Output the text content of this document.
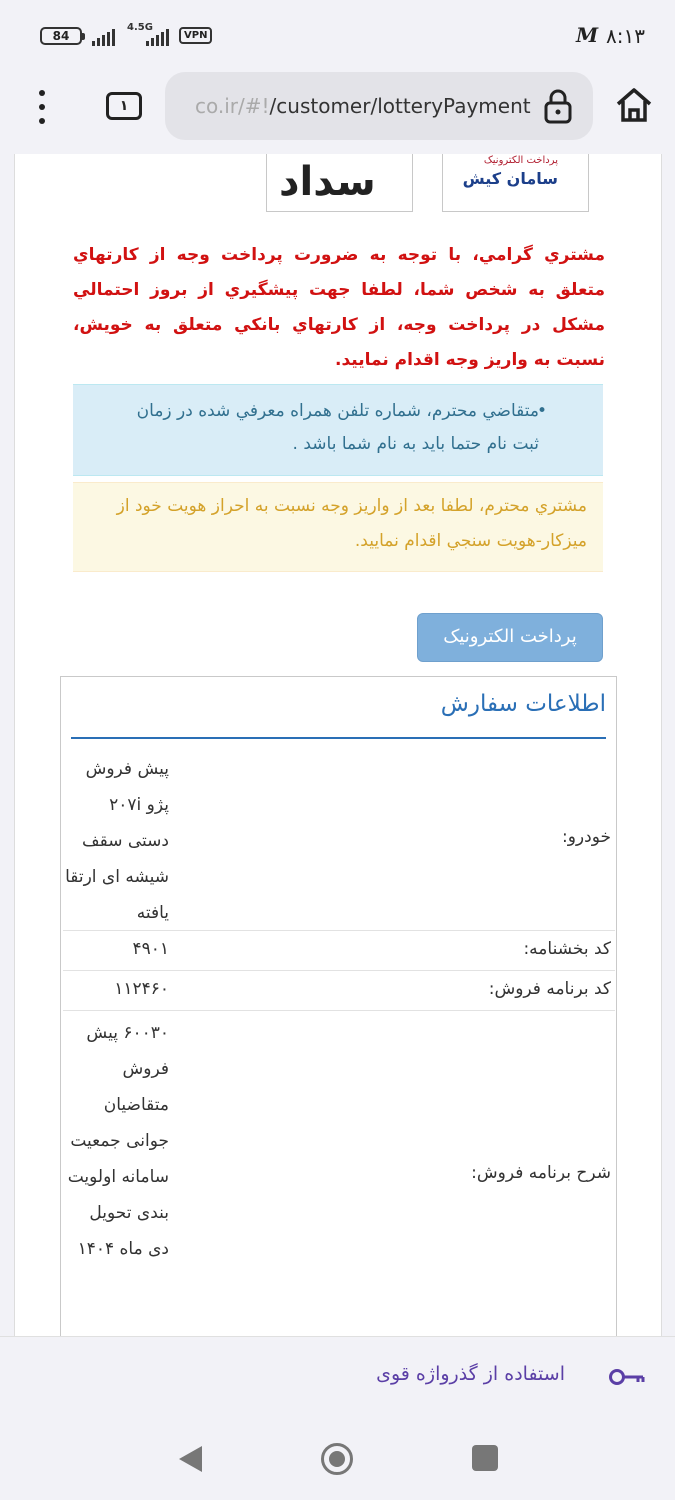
84
4.5G
VPN	M ۸:۱۳
۱	co.ir/#!/customer/lotteryPayment
سداد	پرداخت الکترونیک
سامان کیش
مشتري گرامي، با توجه به ضرورت پرداخت وجه از کارتهاي متعلق به شخص شما، لطفا جهت پيشگيري از بروز احتمالي مشکل در پرداخت وجه، از کارتهاي بانکي متعلق به خويش، نسبت به واريز وجه اقدام نماييد.
•
متقاضي محترم، شماره تلفن همراه معرفي شده در زمان ثبت نام حتما بايد به نام شما باشد .
مشتري محترم، لطفا بعد از واريز وجه نسبت به احراز هويت خود از ميزکار-هويت سنجي اقدام نماييد.
پرداخت الکترونيک
اطلاعات سفارش
خودرو:
پیش فروش پژو ۲۰۷i دستی سقف شیشه ای ارتقا یافته
کد بخشنامه:
۴۹۰۱
کد برنامه فروش:
۱۱۲۴۶۰
شرح برنامه فروش:
۶۰۰۳۰ پیش فروش متقاضیان جوانی جمعیت سامانه اولویت بندی تحویل دی ماه ۱۴۰۴
استفاده از گذرواژه قوی
